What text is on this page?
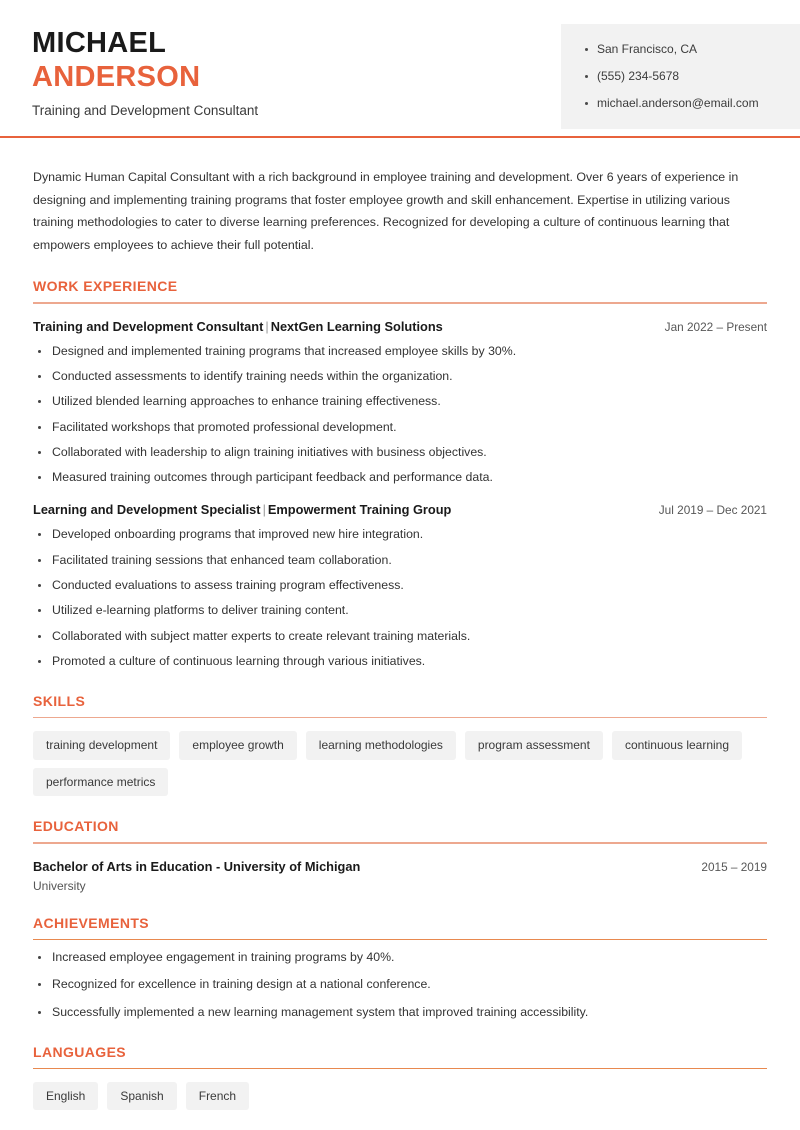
MICHAEL
ANDERSON
Training and Development Consultant
San Francisco, CA
(555) 234-5678
michael.anderson@email.com
Dynamic Human Capital Consultant with a rich background in employee training and development. Over 6 years of experience in designing and implementing training programs that foster employee growth and skill enhancement. Expertise in utilizing various training methodologies to cater to diverse learning preferences. Recognized for developing a culture of continuous learning that empowers employees to achieve their full potential.
WORK EXPERIENCE
Training and Development Consultant | NextGen Learning Solutions	Jan 2022 – Present
Designed and implemented training programs that increased employee skills by 30%.
Conducted assessments to identify training needs within the organization.
Utilized blended learning approaches to enhance training effectiveness.
Facilitated workshops that promoted professional development.
Collaborated with leadership to align training initiatives with business objectives.
Measured training outcomes through participant feedback and performance data.
Learning and Development Specialist | Empowerment Training Group	Jul 2019 – Dec 2021
Developed onboarding programs that improved new hire integration.
Facilitated training sessions that enhanced team collaboration.
Conducted evaluations to assess training program effectiveness.
Utilized e-learning platforms to deliver training content.
Collaborated with subject matter experts to create relevant training materials.
Promoted a culture of continuous learning through various initiatives.
SKILLS
training development	employee growth	learning methodologies	program assessment	continuous learning
performance metrics
EDUCATION
Bachelor of Arts in Education - University of Michigan	2015 – 2019
University
ACHIEVEMENTS
Increased employee engagement in training programs by 40%.
Recognized for excellence in training design at a national conference.
Successfully implemented a new learning management system that improved training accessibility.
LANGUAGES
English	Spanish	French
